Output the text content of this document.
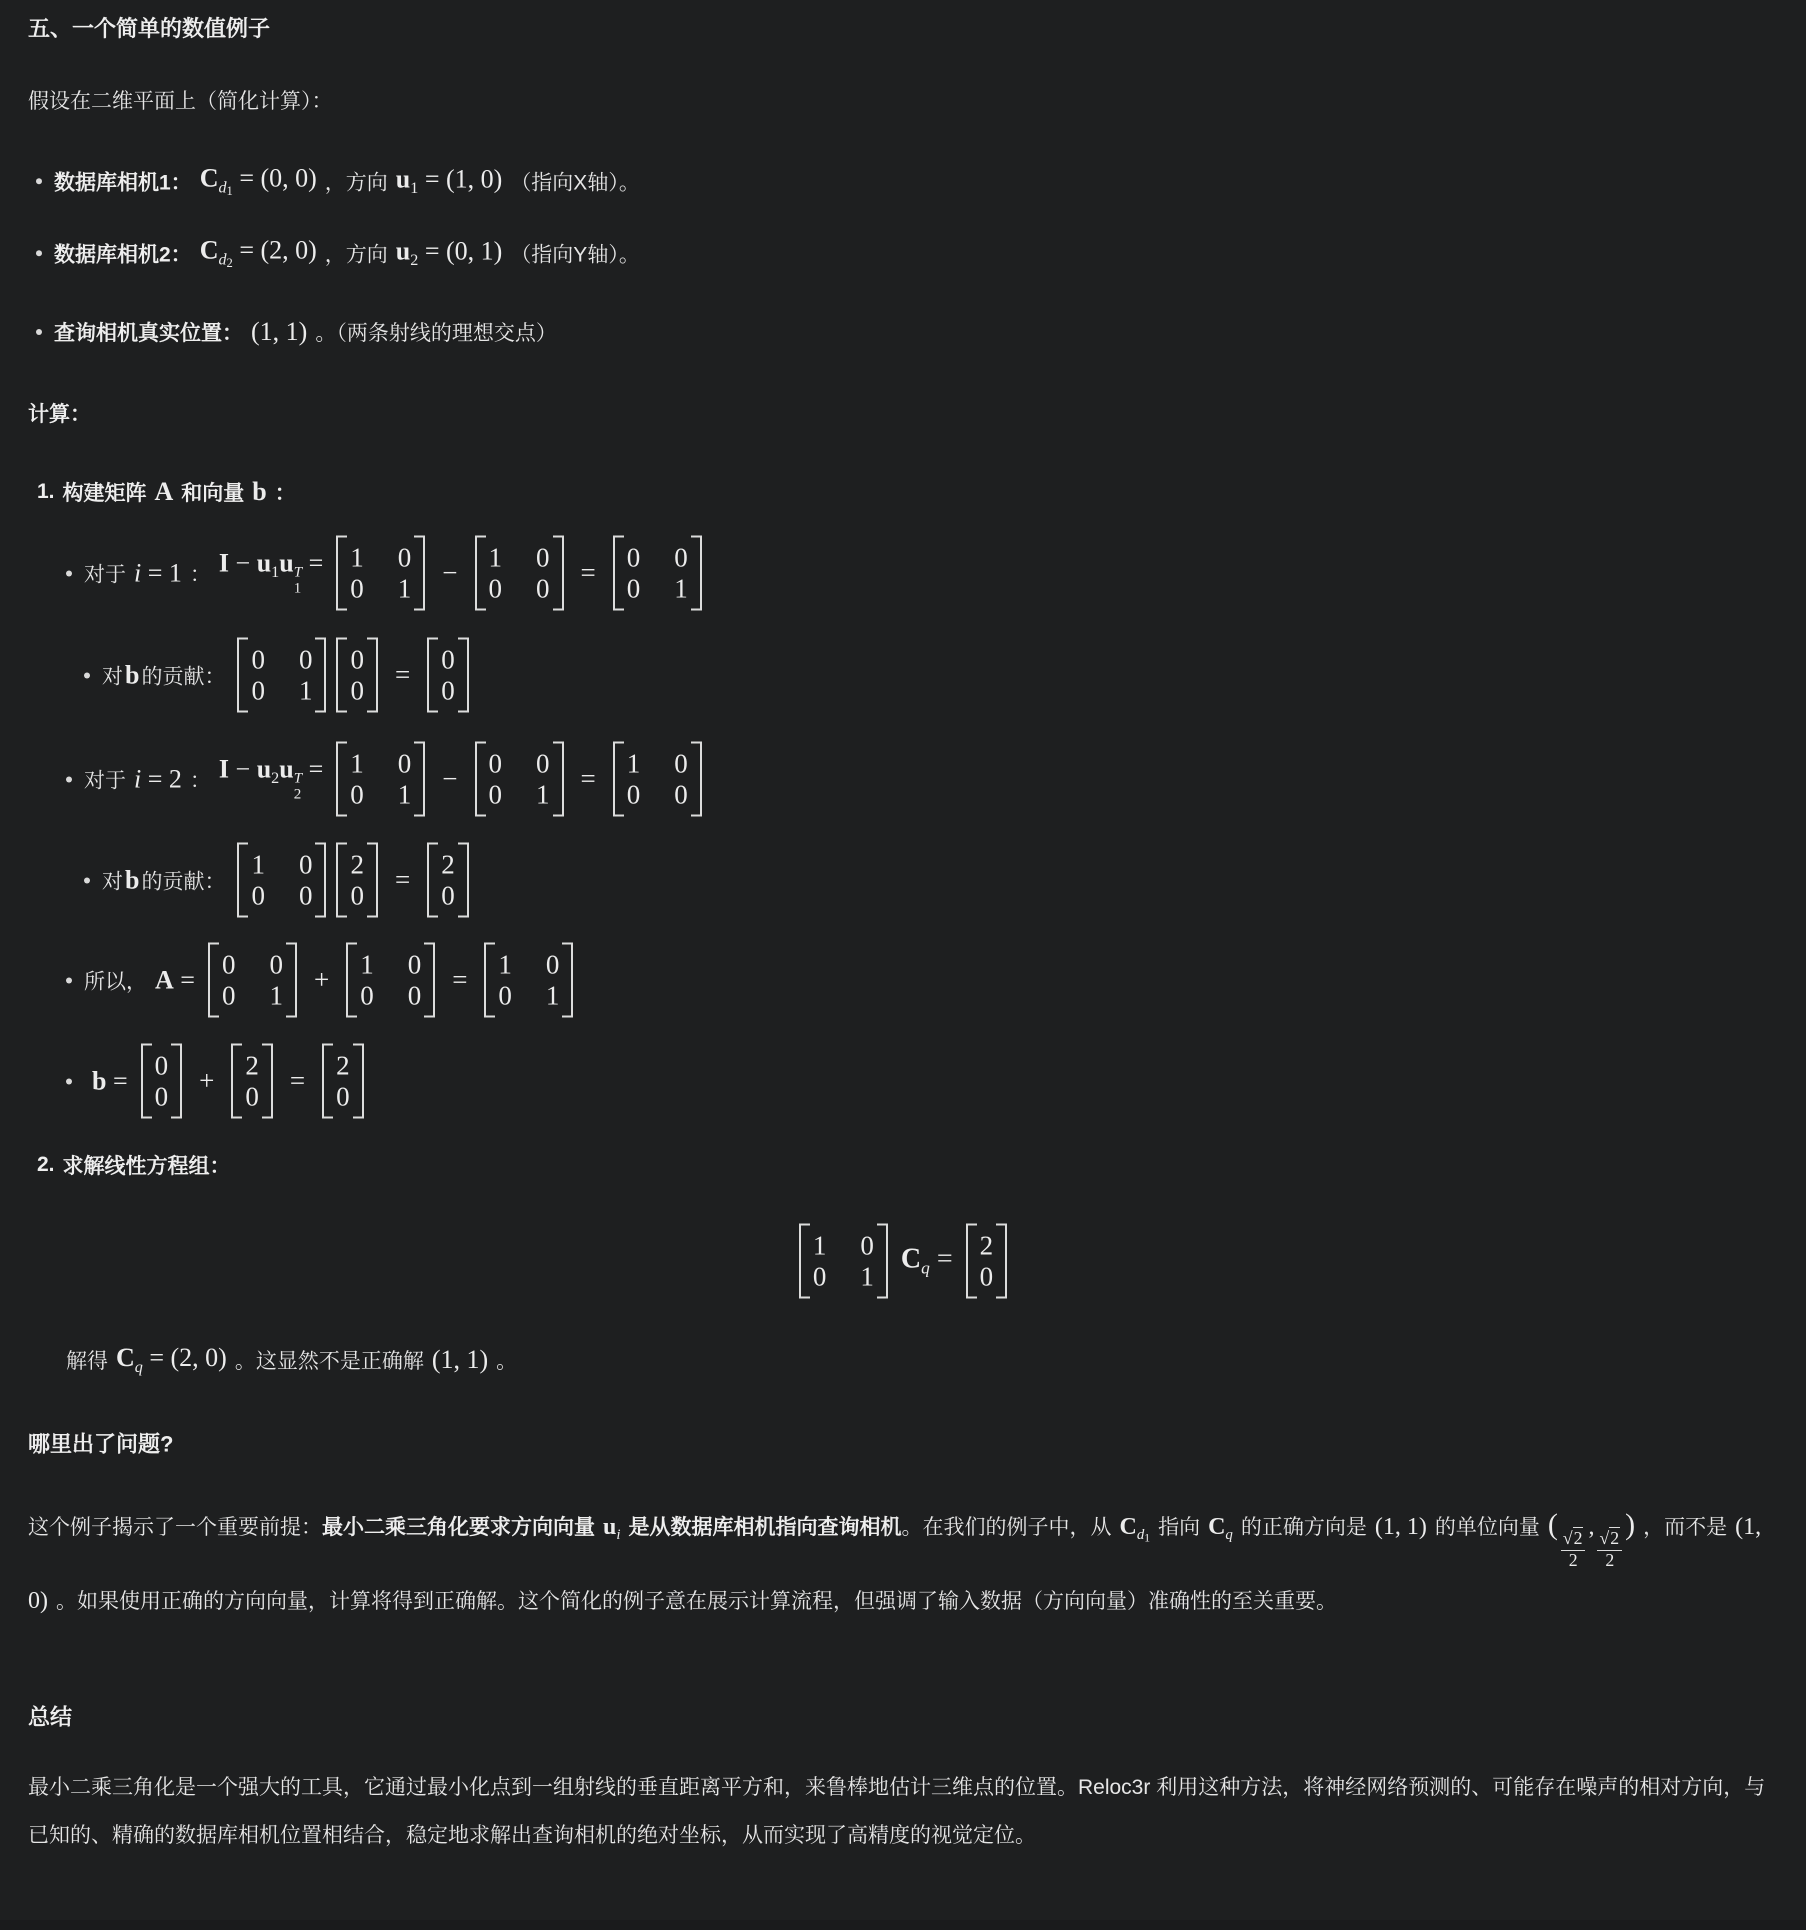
五、一个简单的数值例子
假设在二维平面上（简化计算）：
数据库相机1： $C_{d1} = (0$, 0) ，方向 $u_1 = (1$, 0) （指向X轴）。
数据库相机2： $C_{d2} = (2$, 0) ，方向 $u_2 = (0$, 1) （指向Y轴）。
查询相机真实位置： (1, 1) 。（两条射线的理想交点）
计算：
1. 构建矩阵 A 和向量 b ：
对于 i = 1 ： $I - u_1u$ T
1
= 1 0
0 1
− 1 0
0 0
= 0 0
0 1
对 b 的贡献：
0 0
0 1
0
0
= 0
0
对于 i = 2 ： $I - u_2u$ T
2
= 1 0
0 1
− 0 0
0 1
= 1 0
0 0
对 b 的贡献：
1 0
0 0
2
0
= 2
0
所以， A = 0 0
0 1
+ 1 0
0 0
= 1 0
0 1
b = 0
0
+ 2
0
= 2
0
2. 求解线性方程组：
1 0
0 1
$C_q = 2$
0
解得 $C_q = (2$, 0) 。这显然不是正确解 (1, 1) 。
哪里出了问题?
这个例子揭示了一个重要前提：最小二乘三角化要求方向向量 $u_i$ 是从数据库相机指向查询相机。在我们的例子中，从 $C_{d1}$ 指向 $C_q$ 的正确方向是 (1, 1) 的单位向量 (
$\frac{√2}{2}$
,
$\frac{√2}{2}$
) ，而不是 (1, 0) 。如果使用正确的方向向量，计算将得到正确解。这个简化的例子意在展示计算流程，但强调了输入数据（方向向量）准确性的至关重要。
总结
最小二乘三角化是一个强大的工具，它通过最小化点到一组射线的垂直距离平方和，来鲁棒地估计三维点的位置。Reloc3r 利用这种方法，将神经网络预测的、可能存在噪声的相对方向，与已知的、精确的数据库相机位置相结合，稳定地求解出查询相机的绝对坐标，从而实现了高精度的视觉定位。
